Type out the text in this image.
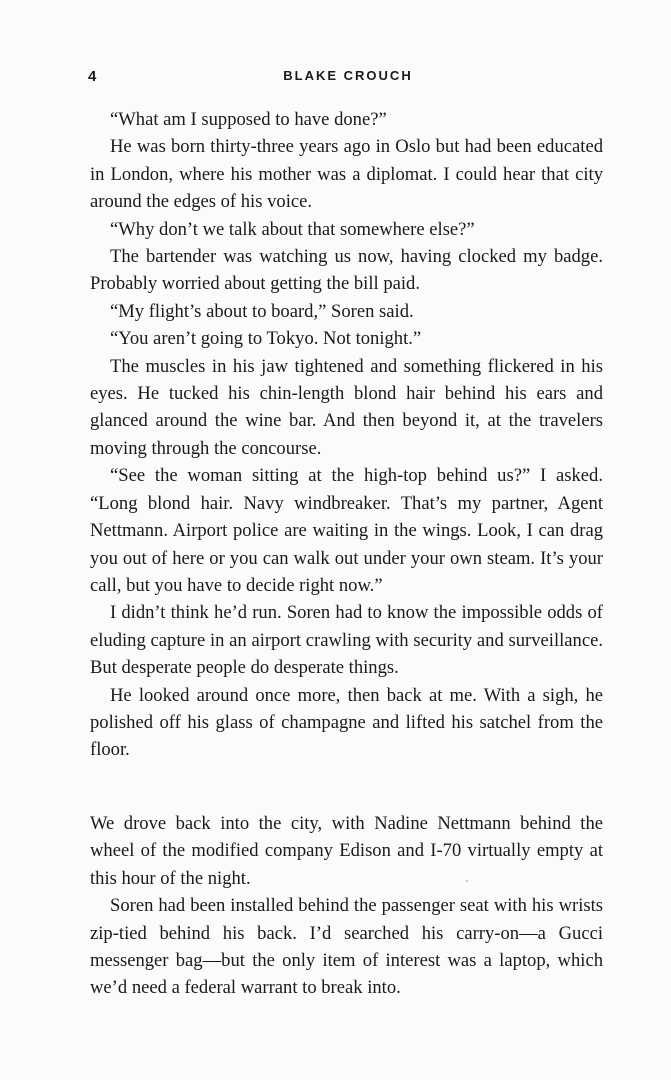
4	BLAKE CROUCH

“What am I supposed to have done?”

He was born thirty-three years ago in Oslo but had been educated in London, where his mother was a diplomat. I could hear that city around the edges of his voice.

“Why don’t we talk about that somewhere else?”

The bartender was watching us now, having clocked my badge. Probably worried about getting the bill paid.

“My flight’s about to board,” Soren said.

“You aren’t going to Tokyo. Not tonight.”

The muscles in his jaw tightened and something flickered in his eyes. He tucked his chin-length blond hair behind his ears and glanced around the wine bar. And then beyond it, at the travelers moving through the concourse.

“See the woman sitting at the high-top behind us?” I asked. “Long blond hair. Navy windbreaker. That’s my partner, Agent Nettmann. Airport police are waiting in the wings. Look, I can drag you out of here or you can walk out under your own steam. It’s your call, but you have to decide right now.”

I didn’t think he’d run. Soren had to know the impossible odds of eluding capture in an airport crawling with security and surveillance. But desperate people do desperate things.

He looked around once more, then back at me. With a sigh, he polished off his glass of champagne and lifted his satchel from the floor.

We drove back into the city, with Nadine Nettmann behind the wheel of the modified company Edison and I-70 virtually empty at this hour of the night.

Soren had been installed behind the passenger seat with his wrists zip-tied behind his back. I’d searched his carry-on—a Gucci messenger bag—but the only item of interest was a laptop, which we’d need a federal warrant to break into.
